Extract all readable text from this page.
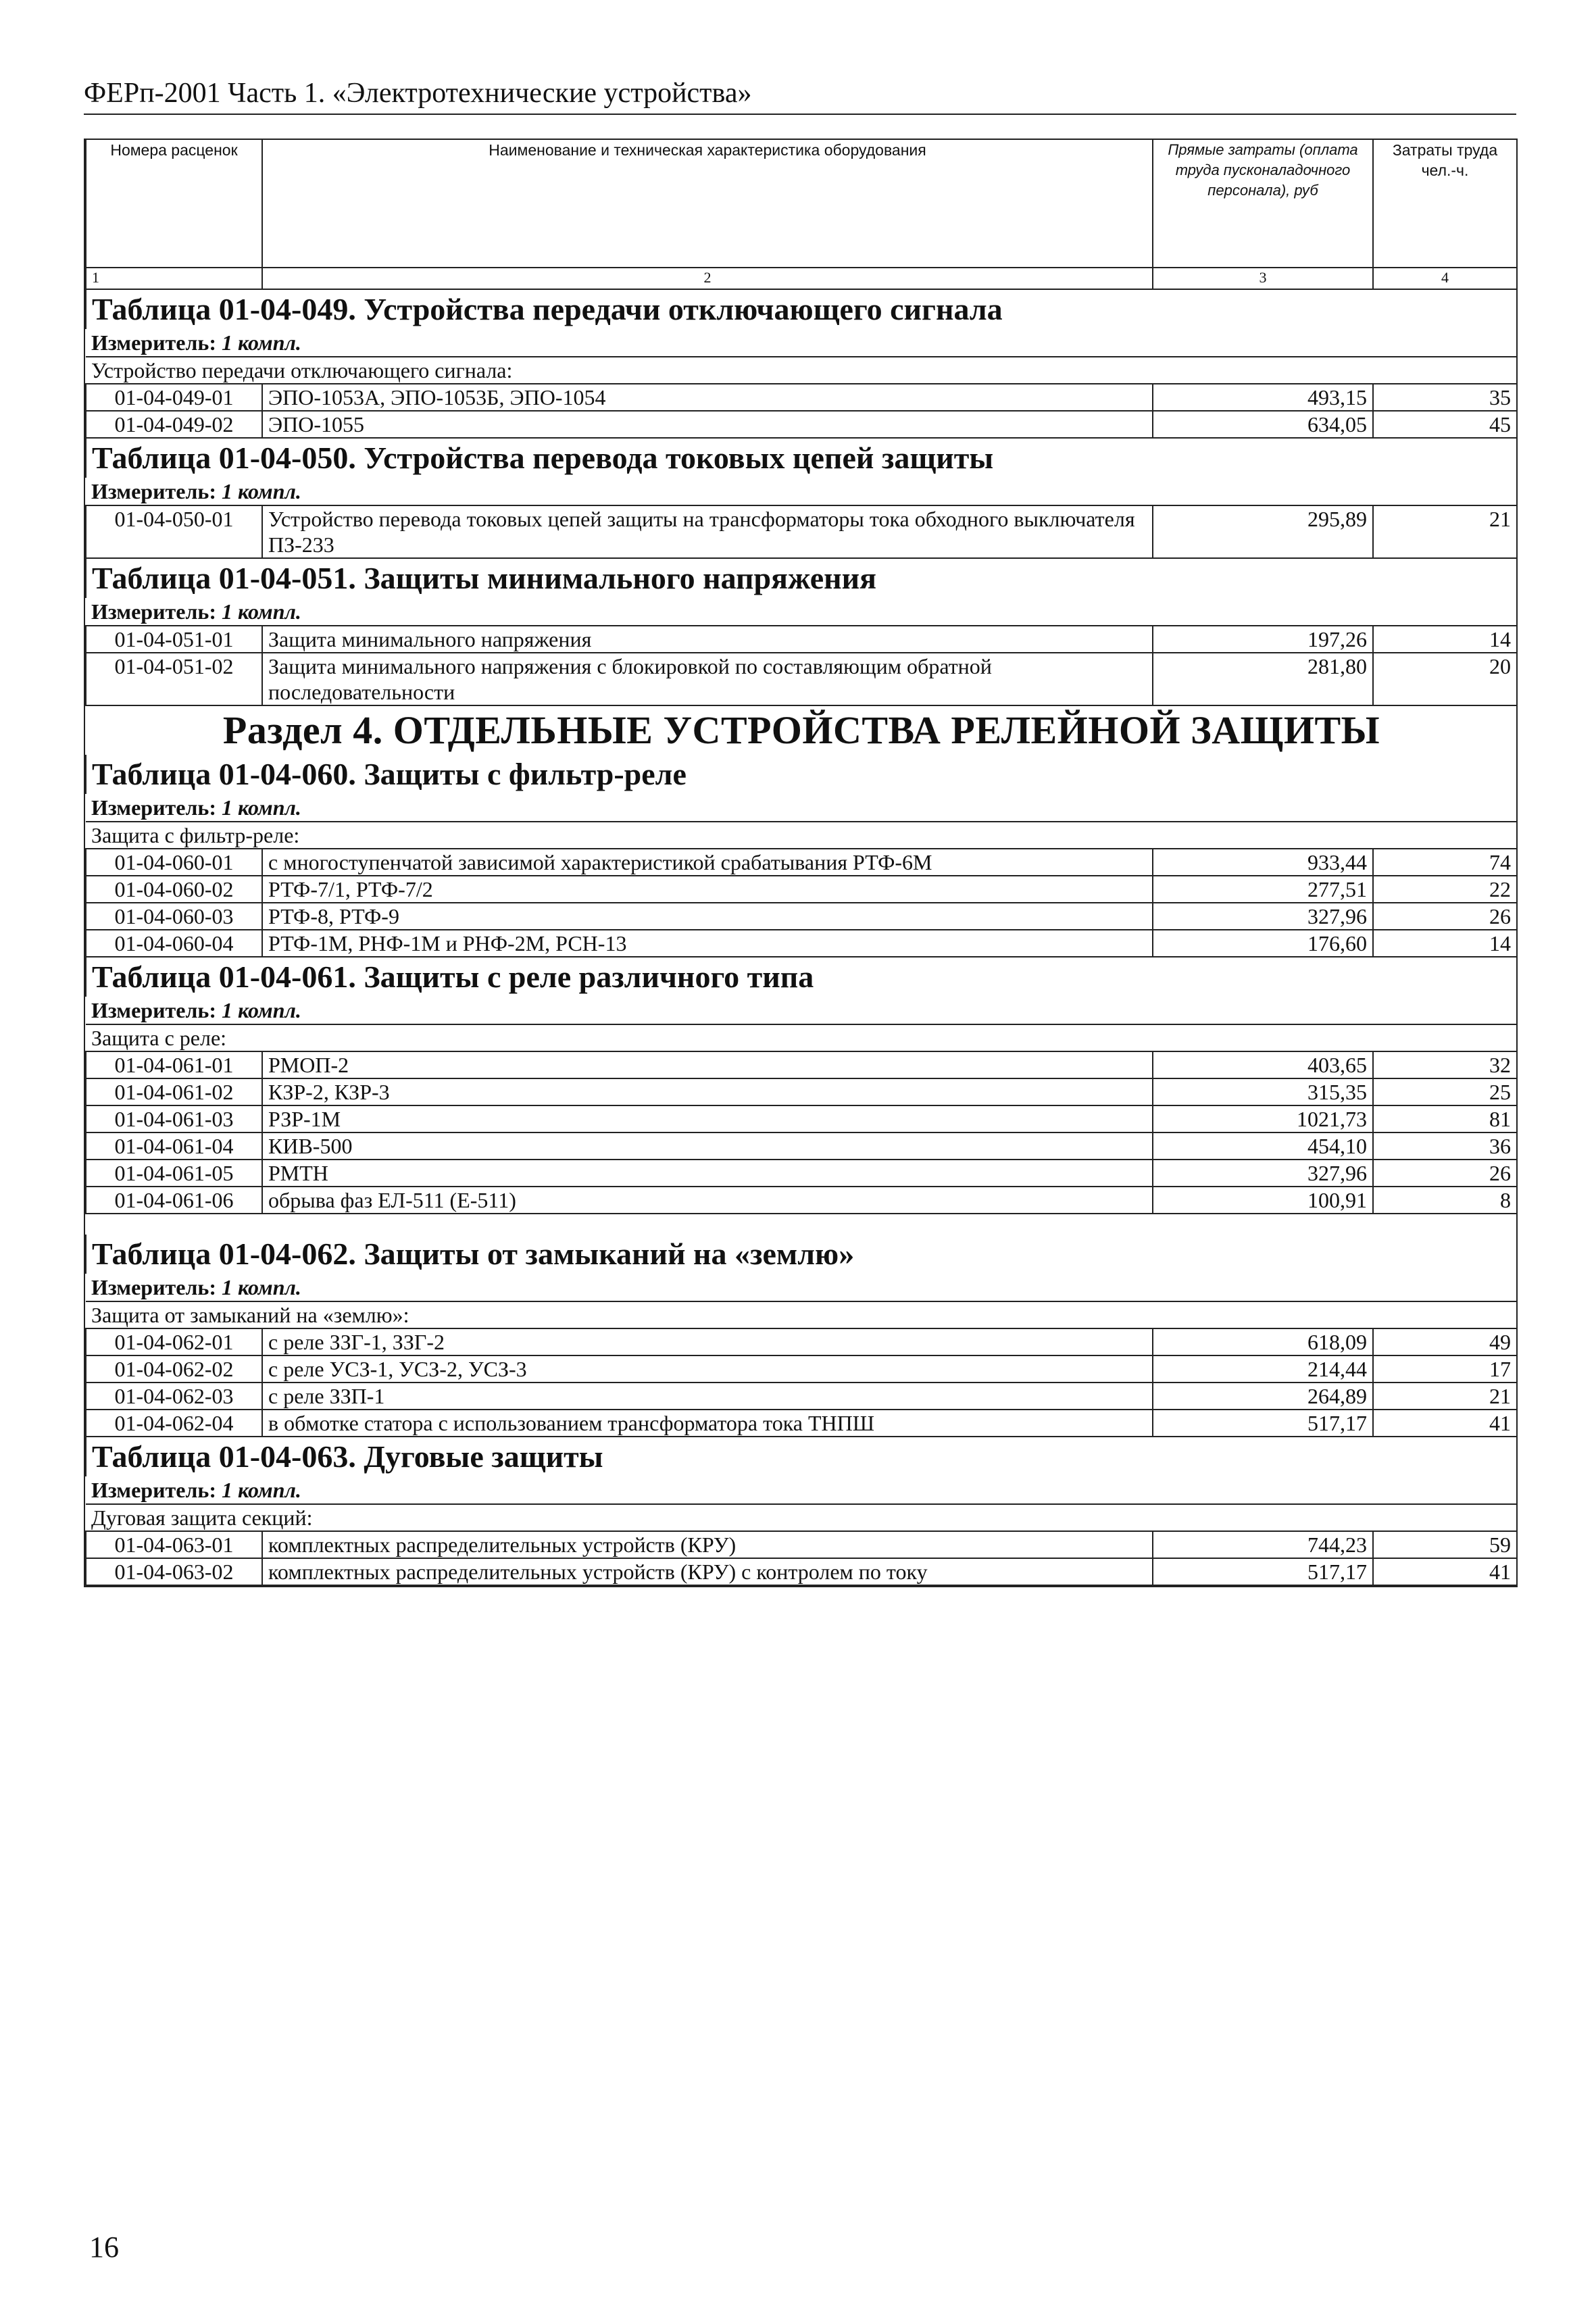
ФЕРп-2001 Часть 1. «Электротехнические устройства»
Номера расценок	Наименование и техническая характеристика оборудования	Прямые затраты (оплата труда пусконаладочного персонала), руб	Затраты труда чел.-ч.
1	2	3	4
Таблица 01-04-049. Устройства передачи отключающего сигнала			
Измеритель: 1 компл.			
Устройство передачи отключающего сигнала:			
01-04-049-01	ЭПО-1053А, ЭПО-1053Б, ЭПО-1054	493,15	35
01-04-049-02	ЭПО-1055	634,05	45
Таблица 01-04-050. Устройства перевода токовых цепей защиты			
Измеритель: 1 компл.			
01-04-050-01	Устройство перевода токовых цепей защиты на трансформаторы тока обходного выключателя ПЗ-233	295,89	21
Таблица 01-04-051. Защиты минимального напряжения			
Измеритель: 1 компл.			
01-04-051-01	Защита минимального напряжения	197,26	14
01-04-051-02	Защита минимального напряжения с блокировкой по составляющим обратной последовательности	281,80	20
Раздел 4. ОТДЕЛЬНЫЕ УСТРОЙСТВА РЕЛЕЙНОЙ ЗАЩИТЫ			
Таблица 01-04-060. Защиты с фильтр-реле			
Измеритель: 1 компл.			
Защита с фильтр-реле:			
01-04-060-01	с многоступенчатой зависимой характеристикой срабатывания РТФ-6М	933,44	74
01-04-060-02	РТФ-7/1, РТФ-7/2	277,51	22
01-04-060-03	РТФ-8, РТФ-9	327,96	26
01-04-060-04	РТФ-1М, РНФ-1М и РНФ-2М, РСН-13	176,60	14
Таблица 01-04-061. Защиты с реле различного типа			
Измеритель: 1 компл.			
Защита с реле:			
01-04-061-01	РМОП-2	403,65	32
01-04-061-02	КЗР-2, КЗР-3	315,35	25
01-04-061-03	РЗР-1М	1021,73	81
01-04-061-04	КИВ-500	454,10	36
01-04-061-05	РМТН	327,96	26
01-04-061-06	обрыва фаз ЕЛ-511 (Е-511)	100,91	8

Таблица 01-04-062. Защиты от замыканий на «землю»			
Измеритель: 1 компл.			
Защита от замыканий на «землю»:			
01-04-062-01	с реле ЗЗГ-1, ЗЗГ-2	618,09	49
01-04-062-02	с реле УСЗ-1, УСЗ-2, УСЗ-3	214,44	17
01-04-062-03	с реле ЗЗП-1	264,89	21
01-04-062-04	в обмотке статора с использованием трансформатора тока ТНПШ	517,17	41
Таблица 01-04-063. Дуговые защиты			
Измеритель: 1 компл.			
Дуговая защита секций:			
01-04-063-01	комплектных распределительных устройств (КРУ)	744,23	59
01-04-063-02	комплектных распределительных устройств (КРУ) с контролем по току	517,17	41
16
